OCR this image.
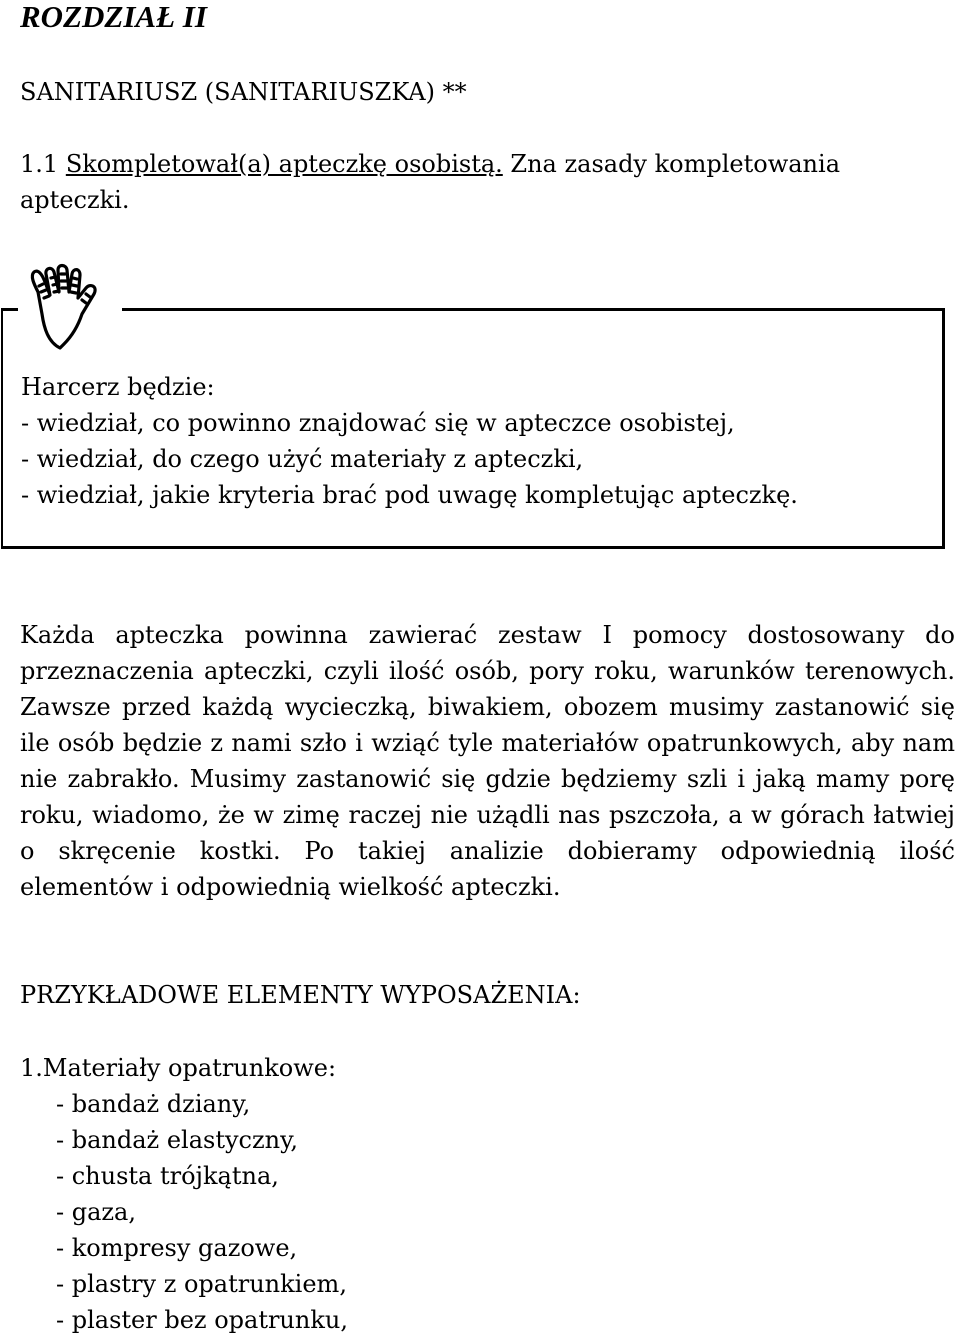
ROZDZIAŁ II
SANITARIUSZ (SANITARIUSZKA) **

1.1 Skompletował(a) apteczkę osobistą. Zna zasady kompletowania apteczki.

Harcerz będzie:
- wiedział, co powinno znajdować się w apteczce osobistej,
- wiedział, do czego użyć materiały z apteczki,
- wiedział, jakie kryteria brać pod uwagę kompletując apteczkę.

Każda apteczka powinna zawierać zestaw I pomocy dostosowany do przeznaczenia apteczki, czyli ilość osób, pory roku, warunków terenowych. Zawsze przed każdą wycieczką, biwakiem, obozem musimy zastanowić się ile osób będzie z nami szło i wziąć tyle materiałów opatrunkowych, aby nam nie zabrakło. Musimy zastanowić się gdzie będziemy szli i jaką mamy porę roku, wiadomo, że w zimę raczej nie użądli nas pszczoła, a w górach łatwiej o skręcenie kostki. Po takiej analizie dobieramy odpowiednią ilość elementów i odpowiednią wielkość apteczki.

PRZYKŁADOWE ELEMENTY WYPOSAŻENIA:

1.Materiały opatrunkowe:

- bandaż dziany,
- bandaż elastyczny,
- chusta trójkątna,
- gaza,
- kompresy gazowe,
- plastry z opatrunkiem,
- plaster bez opatrunku,
